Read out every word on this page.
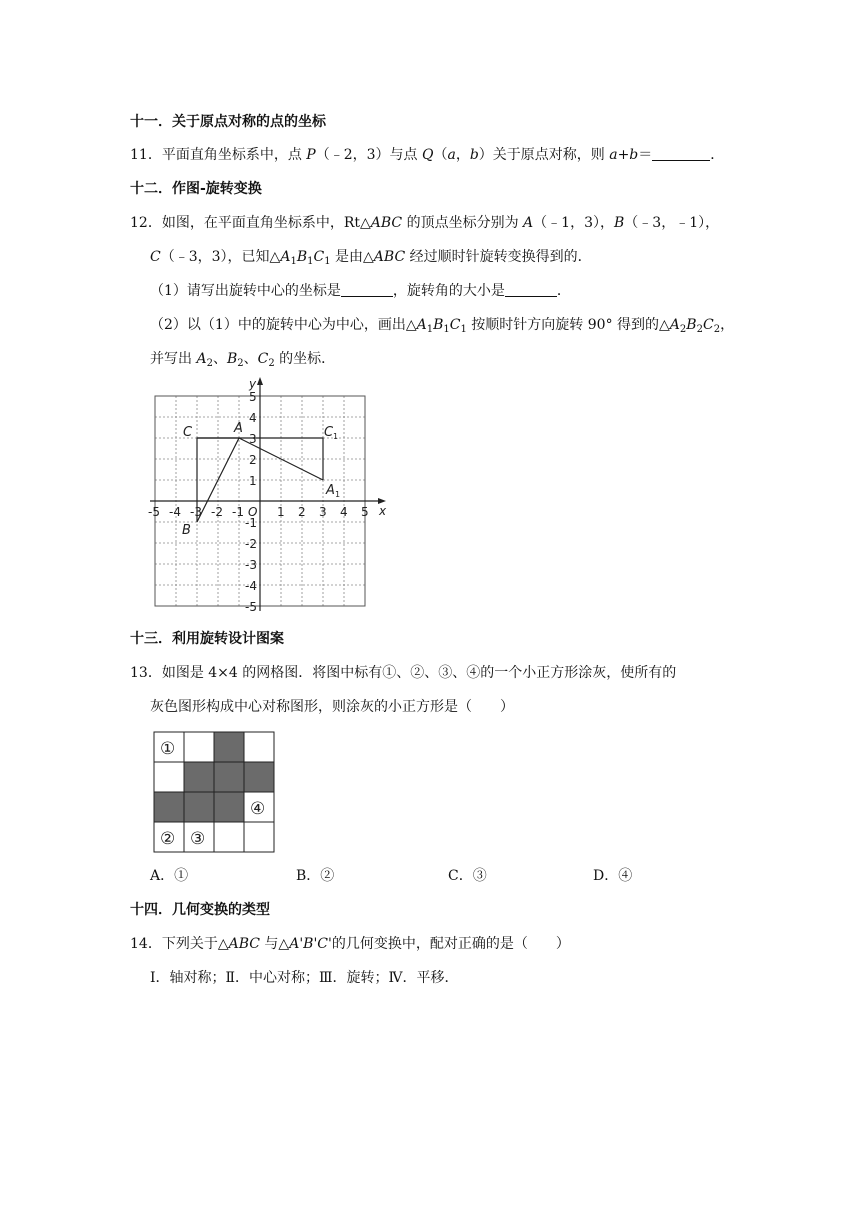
十一．关于原点对称的点的坐标
11．平面直角坐标系中，点 P（﹣2，3）与点 Q（a，b）关于原点对称，则 a+b＝	．
十二．作图-旋转变换
12．如图，在平面直角坐标系中，Rt△ABC 的顶点坐标分别为 A（﹣1，3），B（﹣3，﹣1），
C（﹣3，3），已知$\triangle A_1B_1C_1$ 是由△ABC 经过顺时针旋转变换得到的．
（1）请写出旋转中心的坐标是	，旋转角的大小是	．
（2）以（1）中的旋转中心为中心，画出$\triangle A_1B_1C_1$ 按顺时针方向旋转 90° 得到的$\triangle A_2B_2C_2$，
并写出 $A_2$、$B_2$、$C_2$ 的坐标．
-5 -4 -3 -2 -1	1 2 3 4 5
5
4
3
2
1
-1
-2
-3
-4
-5
O	x
y
C	A	C 1
A 1
B
十三．利用旋转设计图案
13．如图是 4×4 的网格图．将图中标有①、②、③、④的一个小正方形涂灰，使所有的
灰色图形构成中心对称图形，则涂灰的小正方形是（　　）
①
④
② ③
A．①	B．②	C．③	D．④
十四．几何变换的类型
14．下列关于△ABC 与△A'B'C'的几何变换中，配对正确的是（　　）
Ⅰ．轴对称；Ⅱ．中心对称；Ⅲ．旋转；Ⅳ．平移．
